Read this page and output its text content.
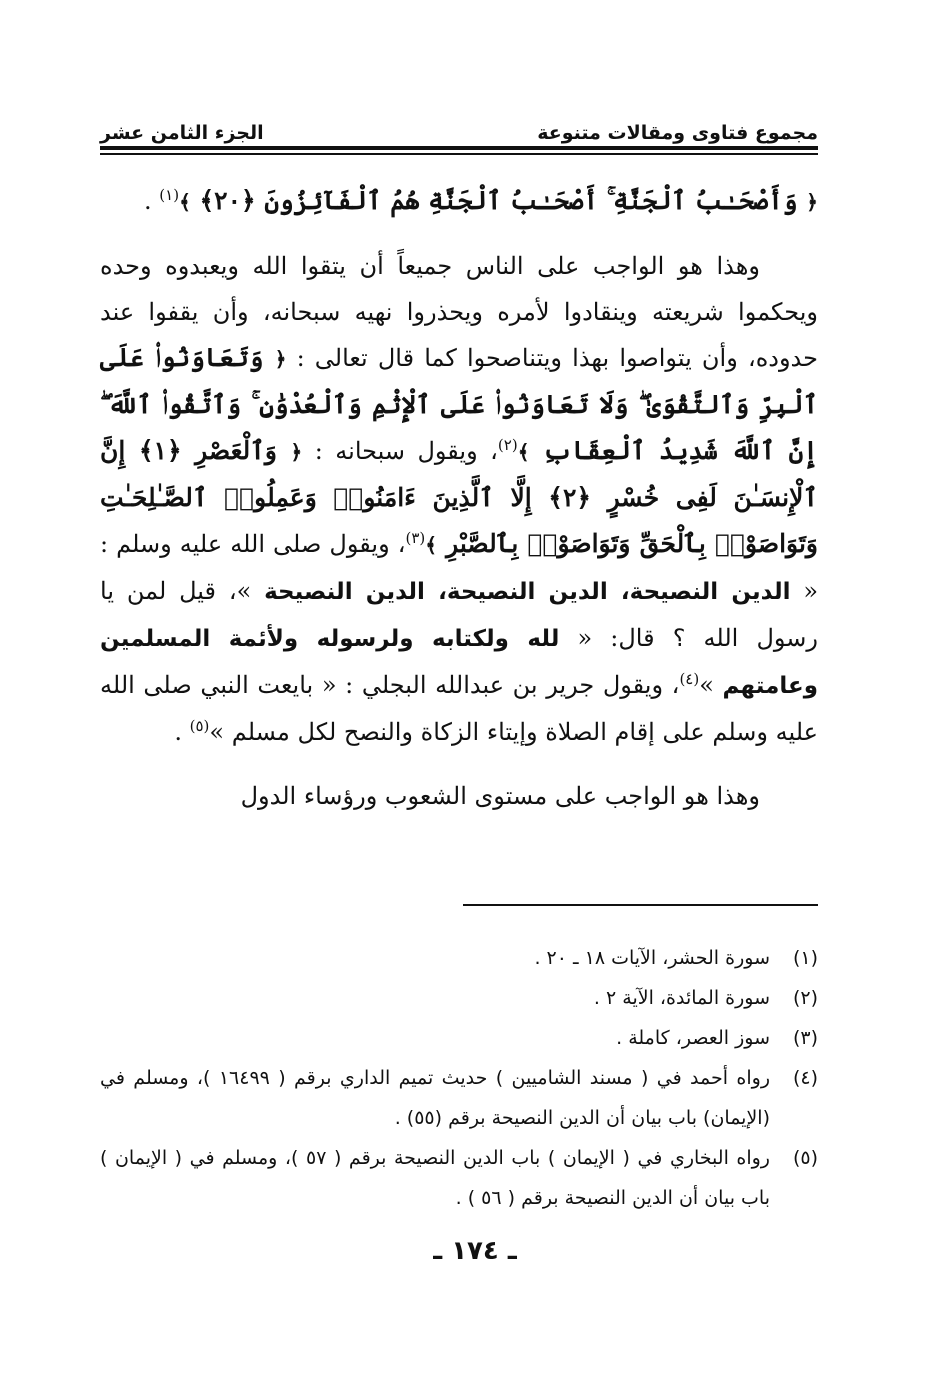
مجموع فتاوى ومقالات متنوعة
الجزء الثامن عشر

﴿ وَأَصْحَـٰبُ ٱلْجَنَّةِ ۚ أَصْحَـٰبُ ٱلْجَنَّةِ هُمُ ٱلْفَآئِزُونَ ﴿٢٠﴾ ﴾$^{(١)}$ .

وهذا هو الواجب على الناس جميعاً أن يتقوا الله ويعبدوه وحده ويحكموا شريعته وينقادوا لأمره ويحذروا نهيه سبحانه، وأن يقفوا عند حدوده، وأن يتواصوا بهذا ويتناصحوا كما قال تعالى : ﴿ وَتَعَاوَنُوا۟ عَلَى ٱلْبِرِّ وَٱلتَّقْوَىٰ ۖ وَلَا تَعَاوَنُوا۟ عَلَى ٱلْإِثْمِ وَٱلْعُدْوَٰنِ ۚ وَٱتَّقُوا۟ ٱللَّهَ ۖ إِنَّ ٱللَّهَ شَدِيدُ ٱلْعِقَابِ ﴾$^{(٢)}$، ويقول سبحانه : ﴿ وَٱلْعَصْرِ ﴿١﴾ إِنَّ ٱلْإِنسَـٰنَ لَفِى خُسْرٍ ﴿٢﴾ إِلَّا ٱلَّذِينَ ءَامَنُوا۟ وَعَمِلُوا۟ ٱلصَّـٰلِحَـٰتِ وَتَوَاصَوْا۟ بِٱلْحَقِّ وَتَوَاصَوْا۟ بِٱلصَّبْرِ ﴾$^{(٣)}$، ويقول صلى الله عليه وسلم : « الدين النصيحة، الدين النصيحة، الدين النصيحة »، قيل لمن يا رسول الله ؟ قال: « لله ولكتابه ولرسوله ولأئمة المسلمين وعامتهم »$^{(٤)}$، ويقول جرير بن عبدالله البجلي : « بايعت النبي صلى الله عليه وسلم على إقام الصلاة وإيتاء الزكاة والنصح لكل مسلم »$^{(٥)}$ .

وهذا هو الواجب على مستوى الشعوب ورؤساء الدول

(١)
سورة الحشر، الآيات ١٨ ـ ٢٠ .
(٢)
سورة المائدة، الآية ٢ .
(٣)
سوز العصر، كاملة .
(٤)
رواه أحمد في ( مسند الشاميين ) حديث تميم الداري برقم ( ١٦٤٩٩ )، ومسلم في (الإيمان) باب بيان أن الدين النصيحة برقم (٥٥) .
(٥)
رواه البخاري في ( الإيمان ) باب الدين النصيحة برقم ( ٥٧ )، ومسلم في ( الإيمان ) باب بيان أن الدين النصيحة برقم ( ٥٦ ) .
ـ ١٧٤ ـ
